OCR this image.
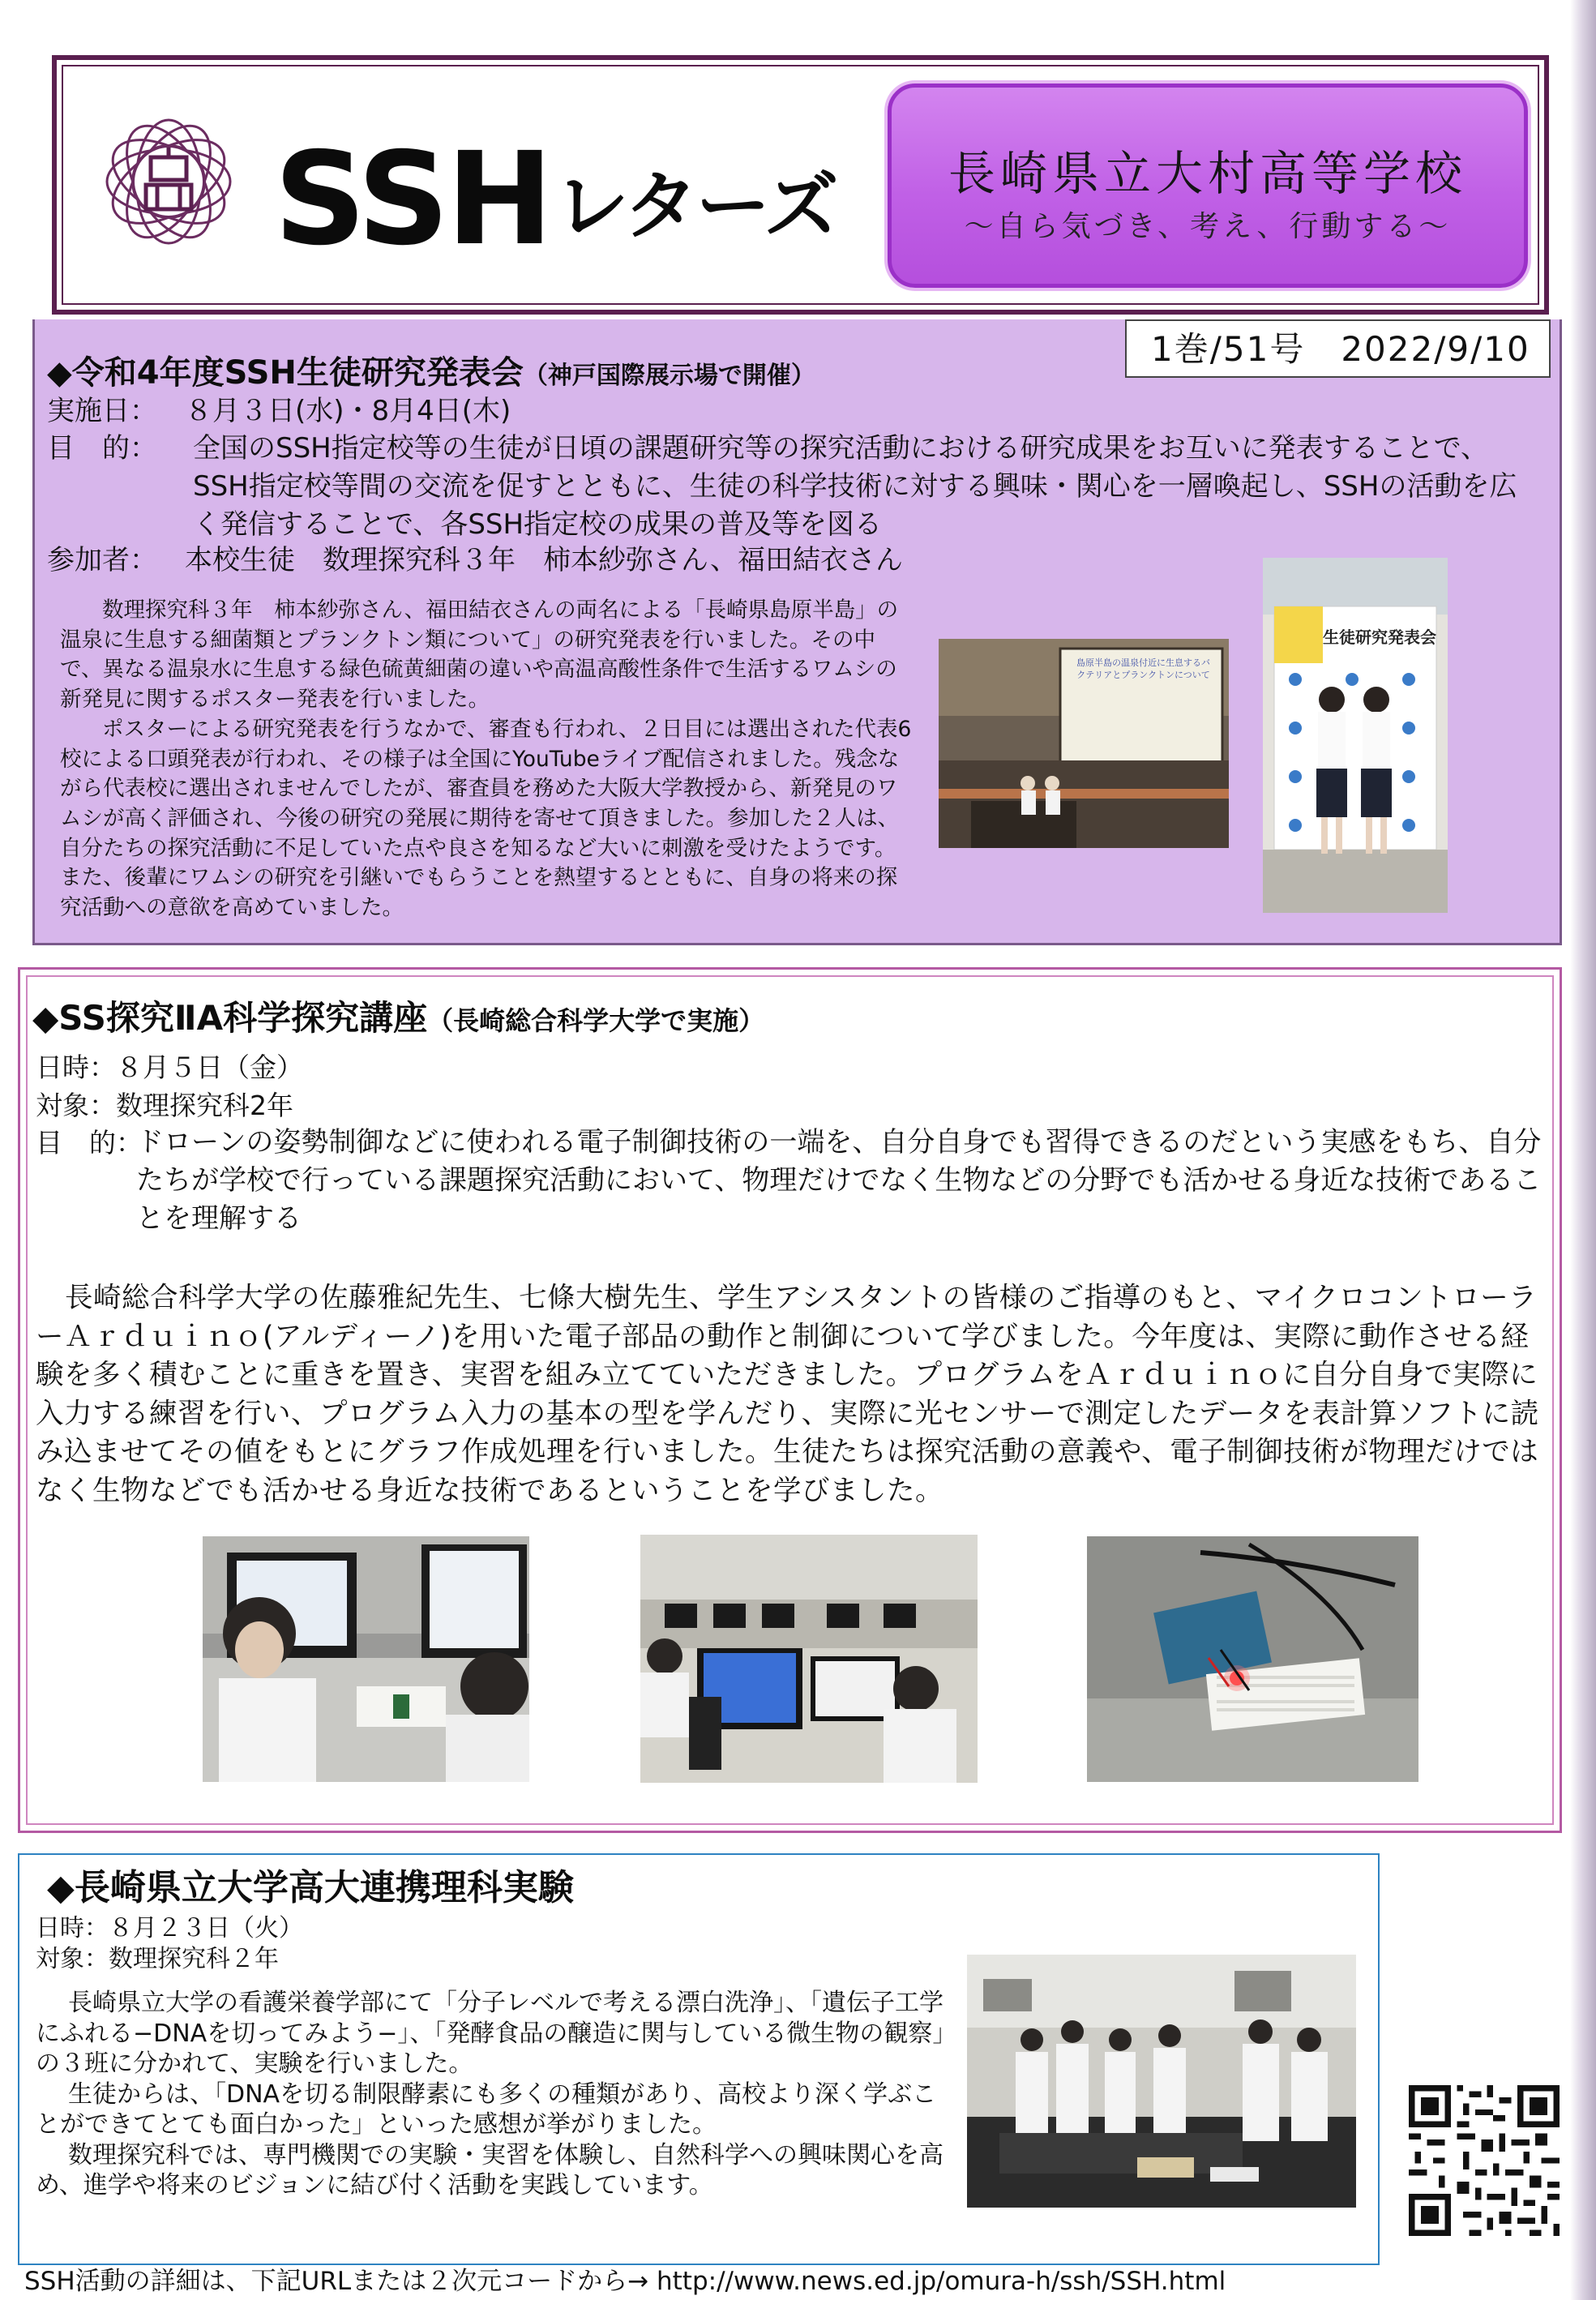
SSH レターズ	長崎県立大村高等学校
〜自ら気づき、考え、行動する〜
1巻/51号　2022/9/10
◆令和4年度SSH生徒研究発表会（神戸国際展示場で開催）
実施日： ８月３日(水)・8月4日(木)
目　的： 全国のSSH指定校等の生徒が日頃の課題研究等の探究活動における研究成果をお互いに発表することで、SSH指定校等間の交流を促すとともに、生徒の科学技術に対する興味・関心を一層喚起し、SSHの活動を広く発信することで、各SSH指定校の成果の普及等を図る
参加者： 本校生徒　数理探究科３年　柿本紗弥さん、福田結衣さん

数理探究科３年　柿本紗弥さん、福田結衣さんの両名による「長崎県島原半島」の温泉に生息する細菌類とプランクトン類について」の研究発表を行いました。その中で、異なる温泉水に生息する緑色硫黄細菌の違いや高温高酸性条件で生活するワムシの新発見に関するポスター発表を行いました。

ポスターによる研究発表を行うなかで、審査も行われ、２日目には選出された代表6校による口頭発表が行われ、その様子は全国にYouTubeライブ配信されました。残念ながら代表校に選出されませんでしたが、審査員を務めた大阪大学教授から、新発見のワムシが高く評価され、今後の研究の発展に期待を寄せて頂きました。参加した２人は、自分たちの探究活動に不足していた点や良さを知るなど大いに刺激を受けたようです。また、後輩にワムシの研究を引継いでもらうことを熱望するとともに、自身の将来の探究活動への意欲を高めていました。

島原半島の温泉付近に生息するバクテリアとプランクトンについて
生徒研究発表会
◆SS探究ⅡA科学探究講座（長崎総合科学大学で実施）
日時：８月５日（金）
対象：数理探究科2年
目　的：
ドローンの姿勢制御などに使われる電子制御技術の一端を、自分自身でも習得できるのだという実感をもち、自分たちが学校で行っている課題探究活動において、物理だけでなく生物などの分野でも活かせる身近な技術であることを理解する
長崎総合科学大学の佐藤雅紀先生、七條大樹先生、学生アシスタントの皆様のご指導のもと、マイクロコントローラーＡｒｄｕｉｎｏ(アルディーノ)を用いた電子部品の動作と制御について学びました。今年度は、実際に動作させる経験を多く積むことに重きを置き、実習を組み立てていただきました。プログラムをＡｒｄｕｉｎｏに自分自身で実際に入力する練習を行い、プログラム入力の基本の型を学んだり、実際に光センサーで測定したデータを表計算ソフトに読み込ませてその値をもとにグラフ作成処理を行いました。生徒たちは探究活動の意義や、電子制御技術が物理だけではなく生物などでも活かせる身近な技術であるということを学びました。
◆長崎県立大学高大連携理科実験
日時：８月２３日（火）
対象：数理探究科２年

長崎県立大学の看護栄養学部にて「分子レベルで考える漂白洗浄」、「遺伝子工学にふれる−DNAを切ってみよう−」、「発酵食品の醸造に関与している微生物の観察」の３班に分かれて、実験を行いました。

生徒からは、「DNAを切る制限酵素にも多くの種類があり、高校より深く学ぶことができてとても面白かった」といった感想が挙がりました。

数理探究科では、専門機関での実験・実習を体験し、自然科学への興味関心を高め、進学や将来のビジョンに結び付く活動を実践しています。

SSH活動の詳細は、下記URLまたは２次元コードから→ http://www.news.ed.jp/omura-h/ssh/SSH.html
